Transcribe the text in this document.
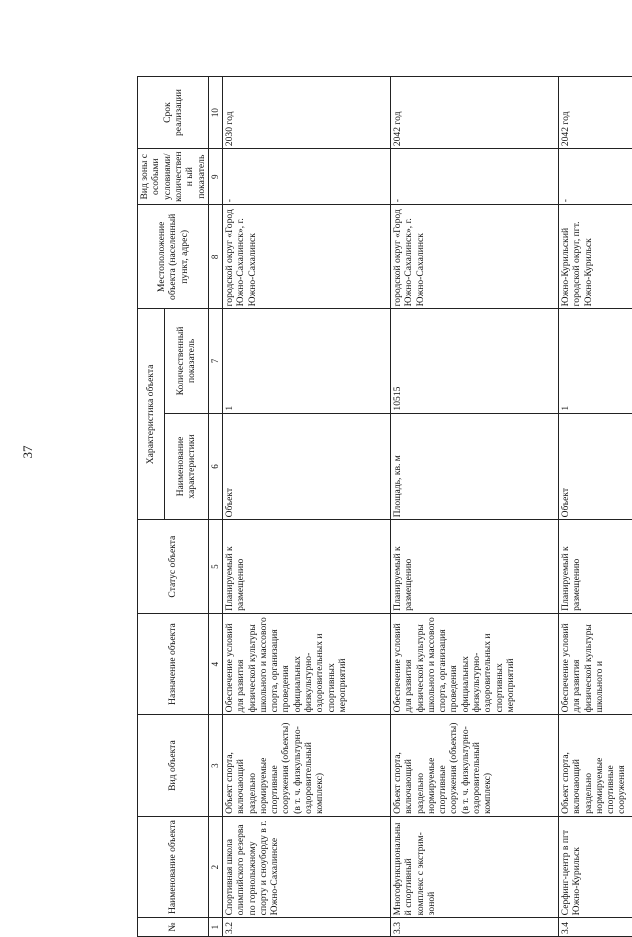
37
№	Наименование объекта	Вид объекта	Назначение объекта	Статус объекта	Характеристика объекта		Местоположение объекта (населенный пункт, адрес)	Вид зоны с особыми условиями/ количественн ый показатель	Срок реализации
					Наименование характеристики	Количественный показатель			
1	2	3	4	5	6	7	8	9	10
3.2	Спортивная школа олимпийского резерва по горнолыжному спорту и сноуборду в г. Южно-Сахалинске	Объект спорта, включающий раздельно нормируемые спортивные сооружения (объекты) (в т. ч. физкультурно-оздоровительный комплекс)	Обеспечение условий для развития физической культуры школьного и массового спорта, организация проведения официальных физкультурно-оздоровительных и спортивных мероприятий	Планируемый к размещению	Объект	1	городской округ «Город Южно-Сахалинск», г. Южно-Сахалинск	-	2030 год
3.3	Многофункциональный спортивный комплекс с экстрим-зоной	Объект спорта, включающий раздельно нормируемые спортивные сооружения (объекты) (в т. ч. физкультурно-оздоровительный комплекс)	Обеспечение условий для развития физической культуры школьного и массового спорта, организация проведения официальных физкультурно-оздоровительных и спортивных мероприятий	Планируемый к размещению	Площадь, кв. м	10515	городской округ «Город Южно-Сахалинск», г. Южно-Сахалинск	-	2042 год
3.4	Серфинг-центр в пгт Южно-Курильск	Объект спорта, включающий раздельно нормируемые спортивные сооружения	Обеспечение условий для развития физической культуры школьного и	Планируемый к размещению	Объект	1	Южно-Курильский городской округ, пгт. Южно-Курильск	-	2042 год
